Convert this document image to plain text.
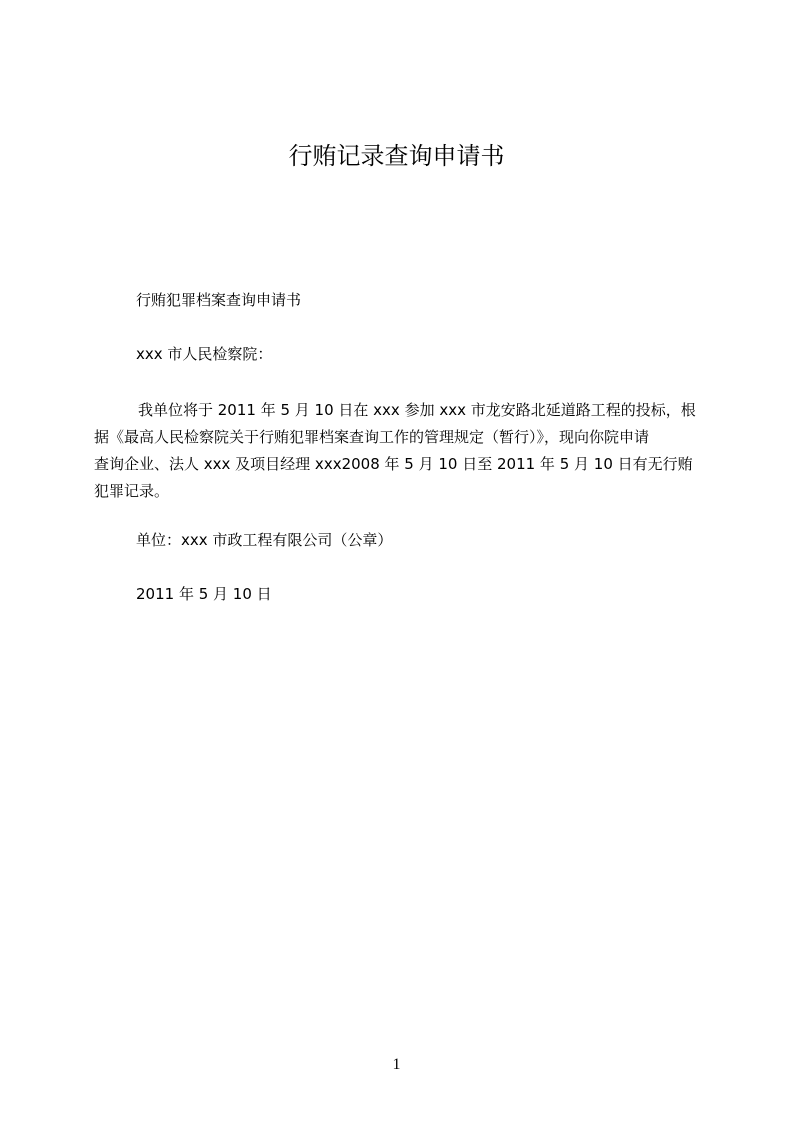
行贿记录查询申请书

行贿犯罪档案查询申请书

xxx 市人民检察院：

我单位将于 2011 年 5 月 10 日在 xxx 参加 xxx 市龙安路北延道路工程的投标，根
据《最高人民检察院关于行贿犯罪档案查询工作的管理规定（暂行）》，现向你院申请
查询企业、法人 xxx 及项目经理 xxx2008 年 5 月 10 日至 2011 年 5 月 10 日有无行贿
犯罪记录。

单位：xxx 市政工程有限公司（公章）

2011 年 5 月 10 日

1
